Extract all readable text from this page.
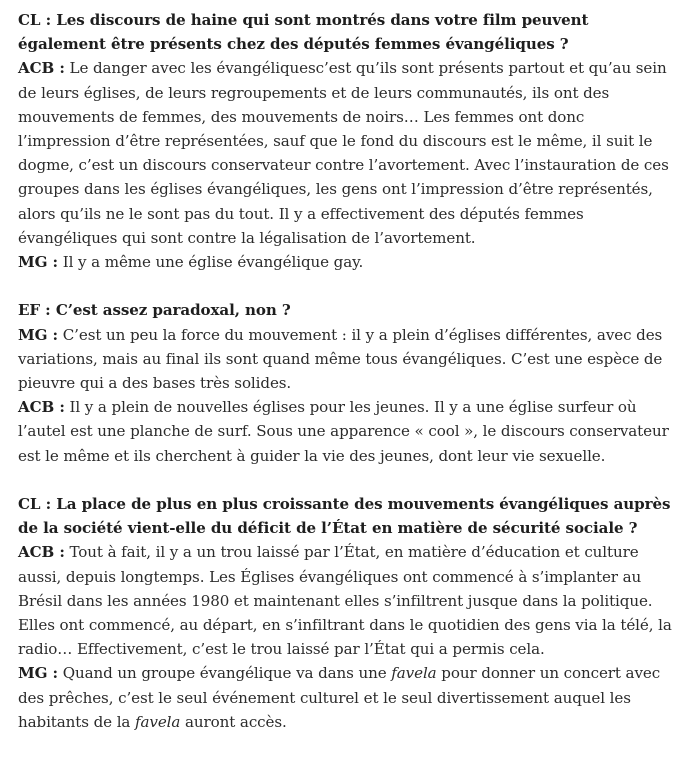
CL : Les discours de haine qui sont montrés dans votre film peuvent également être présents chez des députés femmes évangéliques ?

ACB : Le danger avec les évangéliquesc’est qu’ils sont présents partout et qu’au sein de leurs églises, de leurs regroupements et de leurs communautés, ils ont des mouvements de femmes, des mouvements de noirs… Les femmes ont donc l’impression d’être représentées, sauf que le fond du discours est le même, il suit le dogme, c’est un discours conservateur contre l’avortement. Avec l’instauration de ces groupes dans les églises évangéliques, les gens ont l’impression d’être représentés, alors qu’ils ne le sont pas du tout. Il y a effectivement des députés femmes évangéliques qui sont contre la légalisation de l’avortement.

MG : Il y a même une église évangélique gay.

EF : C’est assez paradoxal, non ?

MG : C’est un peu la force du mouvement : il y a plein d’églises différentes, avec des variations, mais au final ils sont quand même tous évangéliques. C’est une espèce de pieuvre qui a des bases très solides.

ACB : Il y a plein de nouvelles églises pour les jeunes. Il y a une église surfeur où l’autel est une planche de surf. Sous une apparence « cool », le discours conservateur est le même et ils cherchent à guider la vie des jeunes, dont leur vie sexuelle.

CL : La place de plus en plus croissante des mouvements évangéliques auprès de la société vient-elle du déficit de l’État en matière de sécurité sociale ?

ACB : Tout à fait, il y a un trou laissé par l’État, en matière d’éducation et culture aussi, depuis longtemps. Les Églises évangéliques ont commencé à s’implanter au Brésil dans les années 1980 et maintenant elles s’infiltrent jusque dans la politique. Elles ont commencé, au départ, en s’infiltrant dans le quotidien des gens via la télé, la radio… Effectivement, c’est le trou laissé par l’État qui a permis cela.

MG : Quand un groupe évangélique va dans une favela pour donner un concert avec des prêches, c’est le seul événement culturel et le seul divertissement auquel les habitants de la favela auront accès.
